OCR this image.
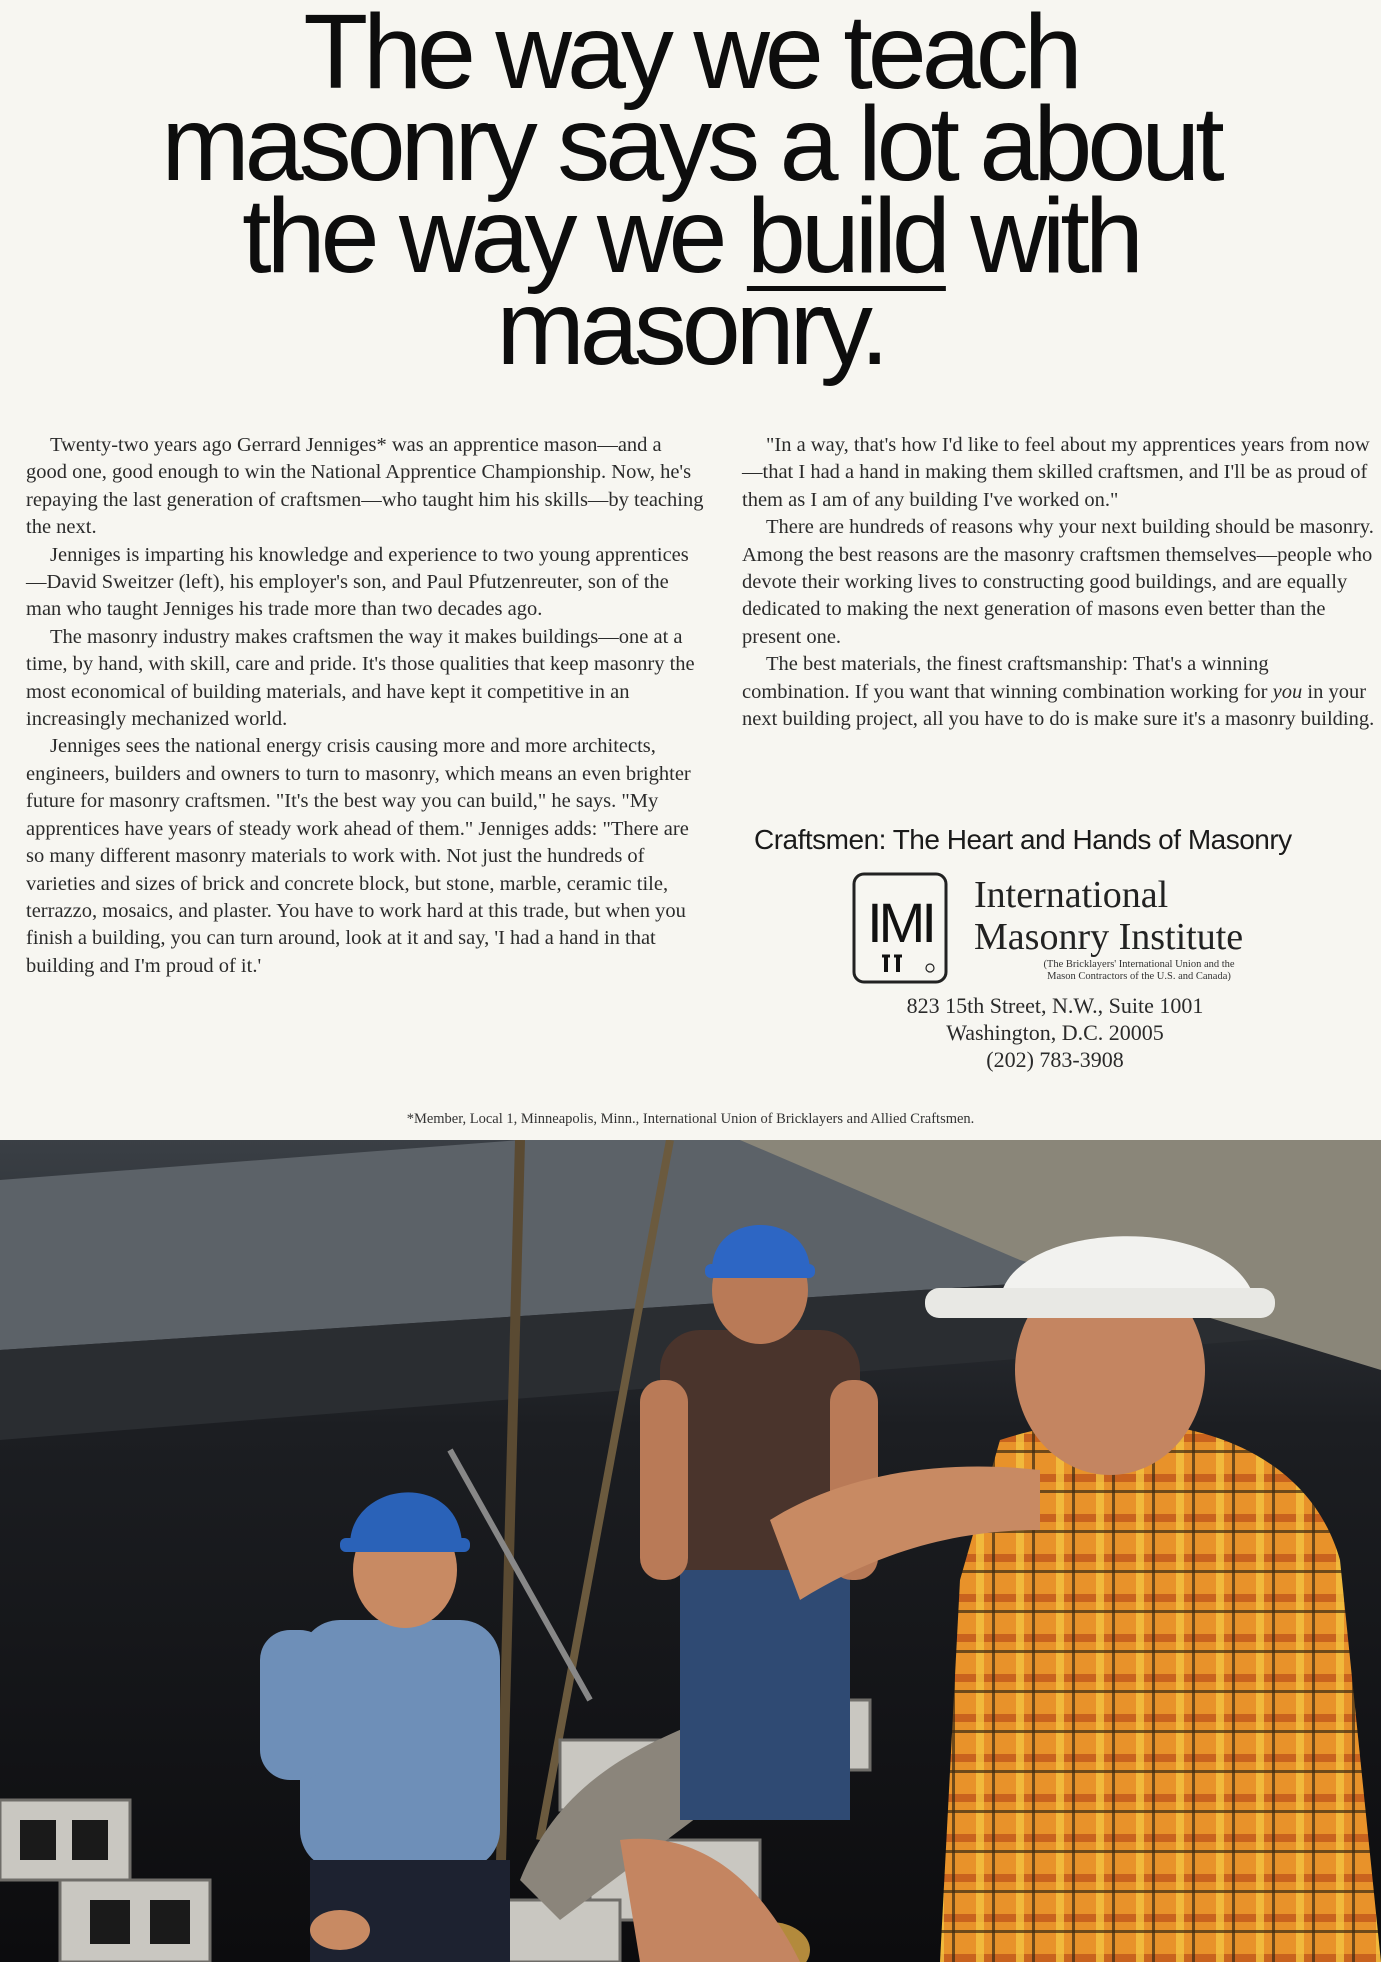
The way we teach
masonry says a lot about
the way we build with
masonry.

Twenty-two years ago Gerrard Jenniges* was an apprentice mason—and a good one, good enough to win the National Apprentice Championship. Now, he's repaying the last generation of craftsmen—who taught him his skills—by teaching the next.

Jenniges is imparting his knowledge and experience to two young apprentices—David Sweitzer (left), his employer's son, and Paul Pfutzenreuter, son of the man who taught Jenniges his trade more than two decades ago.

The masonry industry makes craftsmen the way it makes buildings—one at a time, by hand, with skill, care and pride. It's those qualities that keep masonry the most economical of building materials, and have kept it competitive in an increasingly mechanized world.

Jenniges sees the national energy crisis causing more and more architects, engineers, builders and owners to turn to masonry, which means an even brighter future for masonry craftsmen. "It's the best way you can build," he says. "My apprentices have years of steady work ahead of them." Jenniges adds: "There are so many different masonry materials to work with. Not just the hundreds of varieties and sizes of brick and concrete block, but stone, marble, ceramic tile, terrazzo, mosaics, and plaster. You have to work hard at this trade, but when you finish a building, you can turn around, look at it and say, 'I had a hand in that building and I'm proud of it.'

"In a way, that's how I'd like to feel about my apprentices years from now—that I had a hand in making them skilled craftsmen, and I'll be as proud of them as I am of any building I've worked on."

There are hundreds of reasons why your next building should be masonry. Among the best reasons are the masonry craftsmen themselves—people who devote their working lives to constructing good buildings, and are equally dedicated to making the next generation of masons even better than the present one.

The best materials, the finest craftsmanship: That's a winning combination. If you want that winning combination working for you in your next building project, all you have to do is make sure it's a masonry building.

Craftsmen: The Heart and Hands of Masonry
IMI International
Masonry Institute
(The Bricklayers' International Union and the
Mason Contractors of the U.S. and Canada)
823 15th Street, N.W., Suite 1001
Washington, D.C. 20005
(202) 783-3908
*Member, Local 1, Minneapolis, Minn., International Union of Bricklayers and Allied Craftsmen.
